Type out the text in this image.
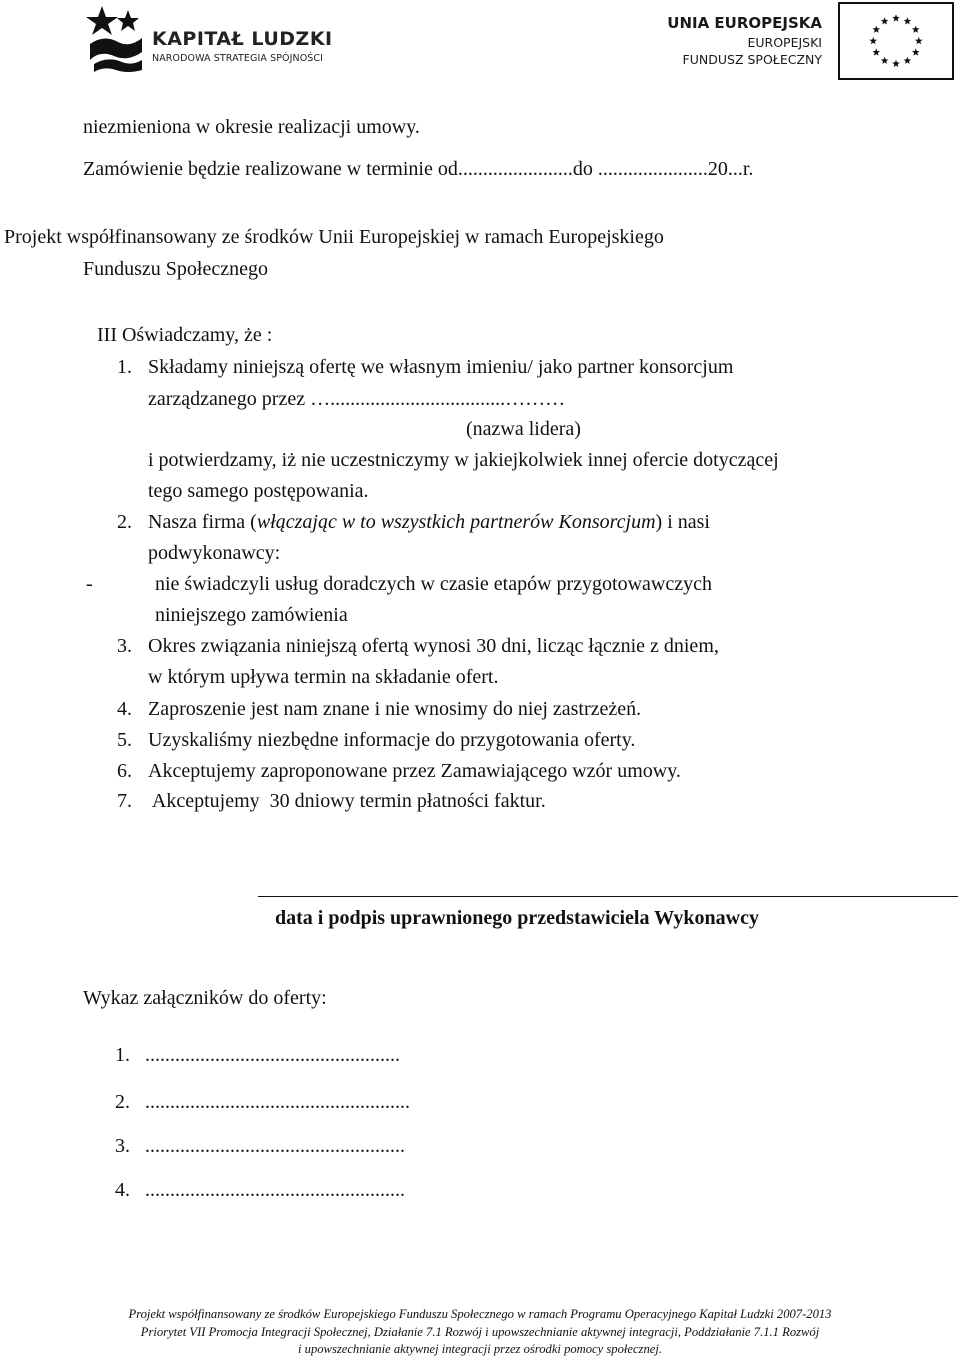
KAPITAŁ LUDZKI
NARODOWA STRATEGIA SPÓJNOŚCI
UNIA EUROPEJSKA
EUROPEJSKI
FUNDUSZ SPOŁECZNY
niezmieniona w okresie realizacji umowy.
Zamówienie będzie realizowane w terminie od.......................do ......................20...r.
Projekt współfinansowany ze środków Unii Europejskiej w ramach Europejskiego
Funduszu Społecznego
III Oświadczamy, że :
1. Składamy niniejszą ofertę we własnym imieniu/ jako partner konsorcjum
zarządzanego przez …...................................………
(nazwa lidera)
i potwierdzamy, iż nie uczestniczymy w jakiejkolwiek innej ofercie dotyczącej
tego samego postępowania.
2. Nasza firma (włączając w to wszystkich partnerów Konsorcjum) i nasi
podwykonawcy:
-	nie świadczyli usług doradczych w czasie etapów przygotowawczych
niniejszego zamówienia
3. Okres związania niniejszą ofertą wynosi 30 dni, licząc łącznie z dniem,
w którym upływa termin na składanie ofert.
4. Zaproszenie jest nam znane i nie wnosimy do niej zastrzeżeń.
5. Uzyskaliśmy niezbędne informacje do przygotowania oferty.
6. Akceptujemy zaproponowane przez Zamawiającego wzór umowy.
7. Akceptujemy  30 dniowy termin płatności faktur.
data i podpis uprawnionego przedstawiciela Wykonawcy
Wykaz załączników do oferty:
1.   ...................................................
2.   .....................................................
3.   ....................................................
4.   ....................................................
Projekt współfinansowany ze środków Europejskiego Funduszu Społecznego w ramach Programu Operacyjnego Kapitał Ludzki 2007-2013
Priorytet VII Promocja Integracji Społecznej, Działanie 7.1 Rozwój i upowszechnianie aktywnej integracji, Poddziałanie 7.1.1 Rozwój
i upowszechnianie aktywnej integracji przez ośrodki pomocy społecznej.
